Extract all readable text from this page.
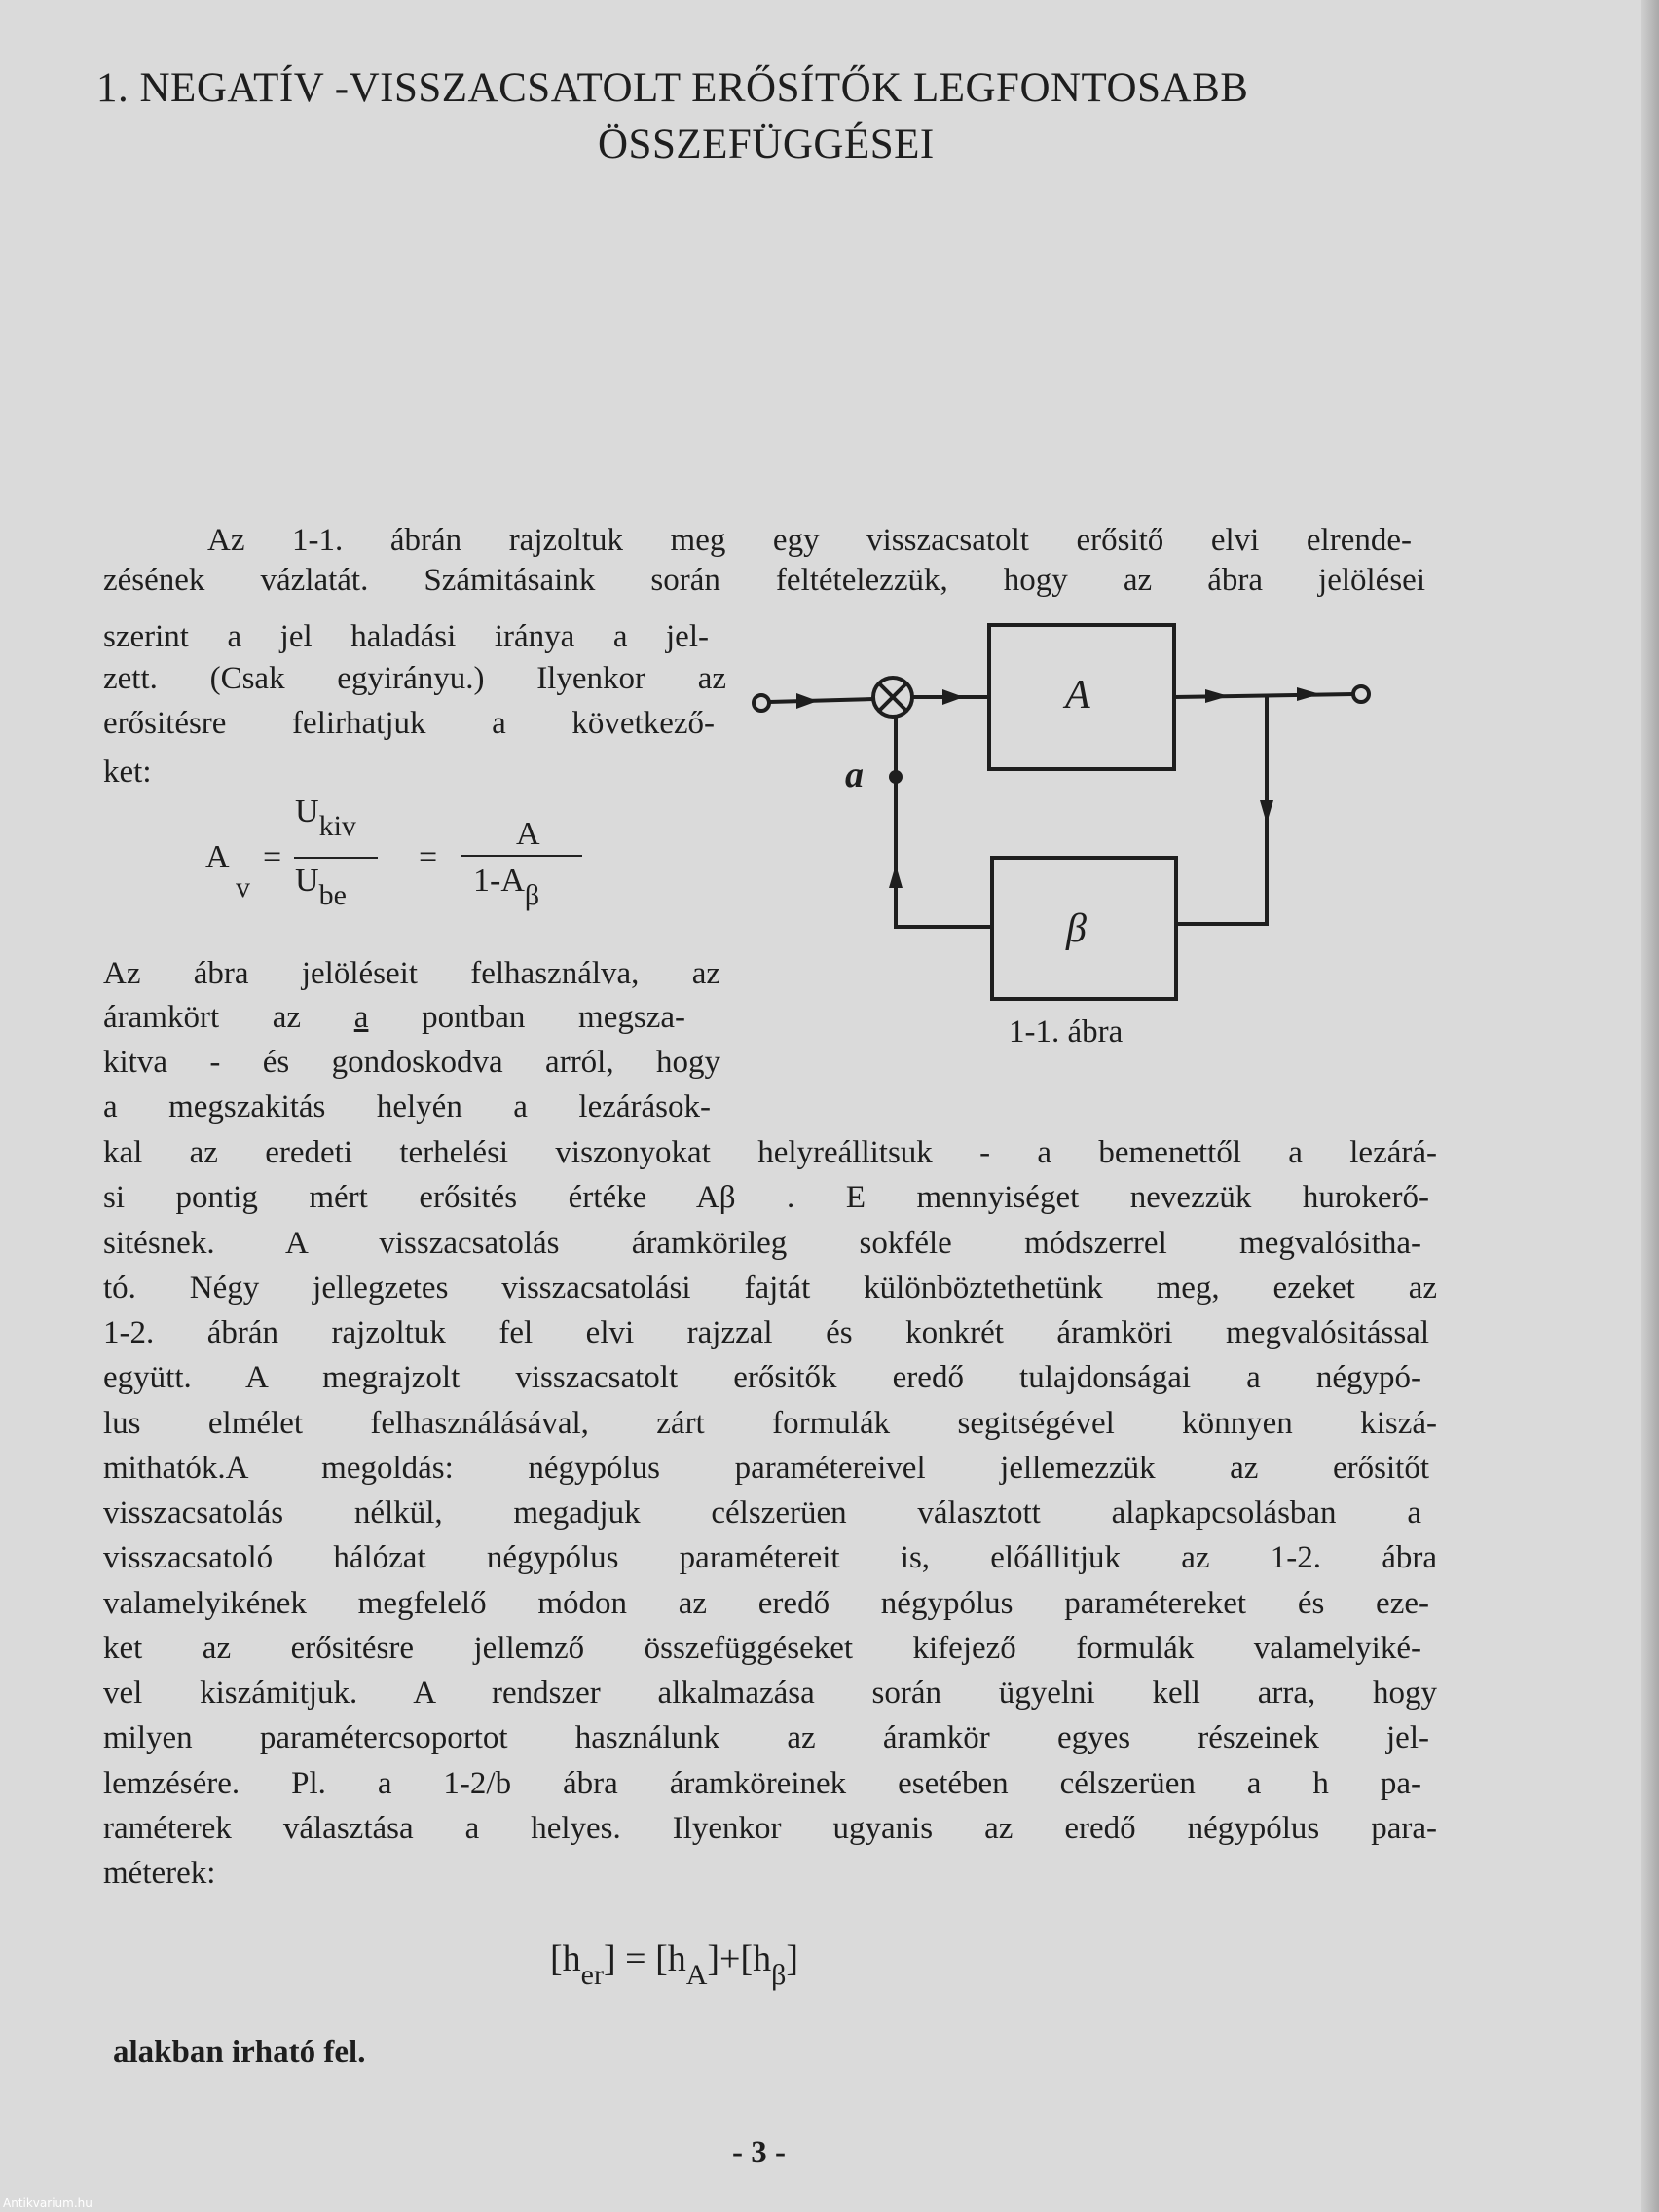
1. NEGATÍV -VISSZACSATOLT ERŐSÍTŐK LEGFONTOSABB
ÖSSZEFÜGGÉSEI
Az 1-1. ábrán rajzoltuk meg egy visszacsatolt erősitő elvi elrende-
zésének vázlatát. Számitásaink során feltételezzük, hogy az ábra jelölései
szerint a jel haladási iránya a jel-
zett. (Csak egyirányu.) Ilyenkor az
erősitésre felirhatjuk a következő-
ket:
A
v
=
Ukiv
Ube
=
A
1-Aβ
Az ábra jelöléseit felhasználva, az
áramkört az a pontban megsza-
kitva - és gondoskodva arról, hogy
a megszakitás helyén a lezárások-
kal az eredeti terhelési viszonyokat helyreállitsuk - a bemenettől a lezárá-
si pontig mért erősités értéke Aβ . E mennyiséget nevezzük hurokerő-
sitésnek. A visszacsatolás áramkörileg sokféle módszerrel megvalósitha-
tó. Négy jellegzetes visszacsatolási fajtát különböztethetünk meg, ezeket az
1-2. ábrán rajzoltuk fel elvi rajzzal és konkrét áramköri megvalósitással
együtt. A megrajzolt visszacsatolt erősitők eredő tulajdonságai a négypó-
lus elmélet felhasználásával, zárt formulák segitségével könnyen kiszá-
mithatók.A megoldás: négypólus paramétereivel jellemezzük az erősitőt
visszacsatolás nélkül, megadjuk célszerüen választott alapkapcsolásban a
visszacsatoló hálózat négypólus paramétereit is, előállitjuk az 1-2. ábra
valamelyikének megfelelő módon az eredő négypólus paramétereket és eze-
ket az erősitésre jellemző összefüggéseket kifejező formulák valamelyiké-
vel kiszámitjuk. A rendszer alkalmazása során ügyelni kell arra, hogy
milyen paramétercsoportot használunk az áramkör egyes részeinek jel-
lemzésére. Pl. a 1-2/b ábra áramköreinek esetében célszerüen a h pa-
raméterek választása a helyes. Ilyenkor ugyanis az eredő négypólus para-
méterek:
A
β
a
1-1. ábra
$[h_{er}] = [h_A]+[h_\beta]$
alakban irható fel.
- 3 -
Antikvarium.hu
